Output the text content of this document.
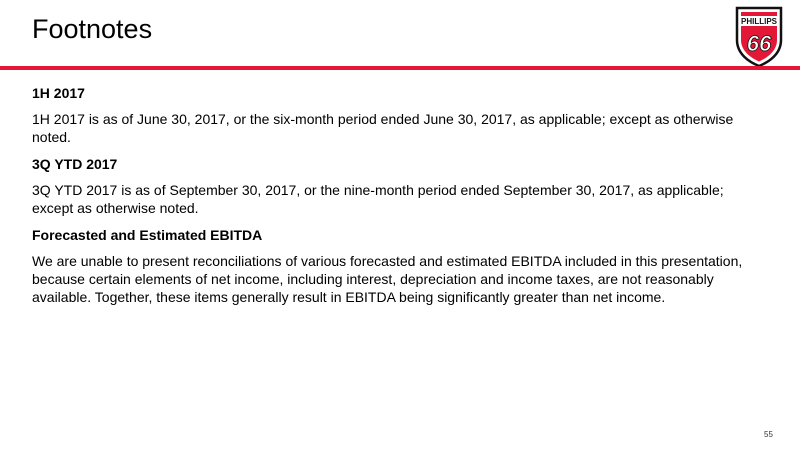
Footnotes	PHILLIPS
66

1H 2017

1H 2017 is as of June 30, 2017, or the six-month period ended June 30, 2017, as applicable; except as otherwise noted.

3Q YTD 2017

3Q YTD 2017 is as of September 30, 2017, or the nine-month period ended September 30, 2017, as applicable; except as otherwise noted.

Forecasted and Estimated EBITDA

We are unable to present reconciliations of various forecasted and estimated EBITDA included in this presentation, because certain elements of net income, including interest, depreciation and income taxes, are not reasonably available. Together, these items generally result in EBITDA being significantly greater than net income.

55
